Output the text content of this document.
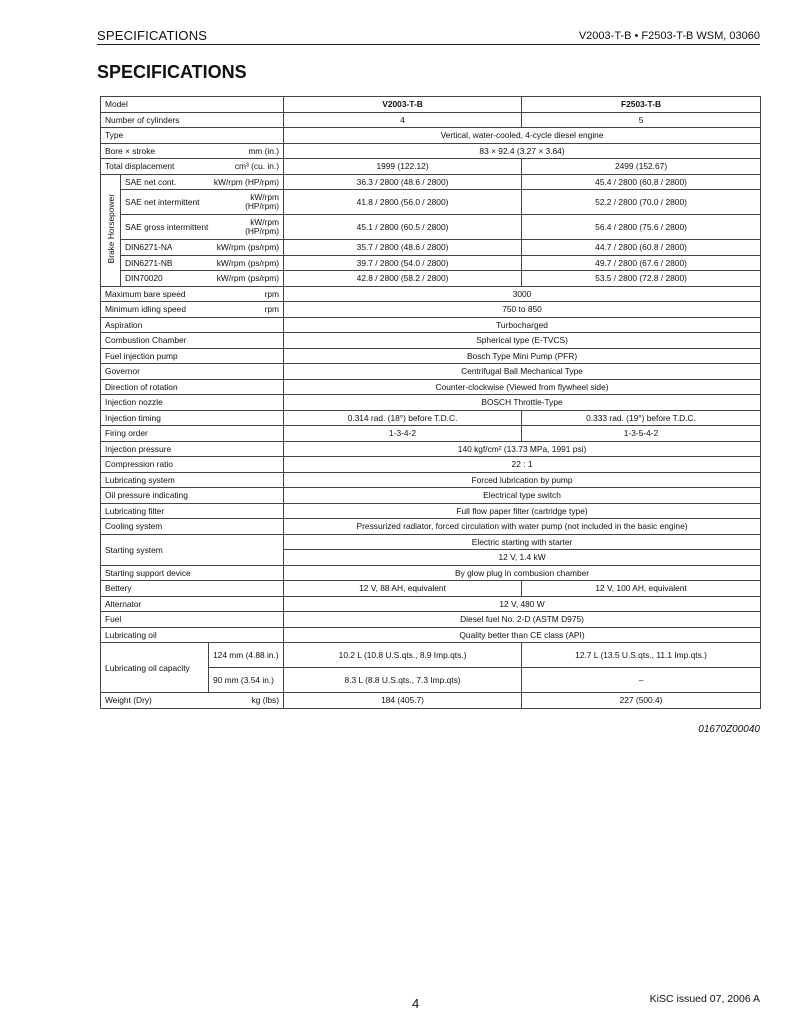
SPECIFICATIONS	V2003-T-B • F2503-T-B WSM, 03060
SPECIFICATIONS
Model			V2003-T-B	F2503-T-B
Number of cylinders			4	5
Type			Vertical, water-cooled, 4-cycle diesel engine	

Bore × stroke mm (in.)			83 × 92.4 (3.27 × 3.64)	

Total displacement cm³ (cu. in.)			1999 (122.12)	2499 (152.67)
Brake Horsepower	SAE net cont. kW/rpm (HP/rpm)		36.3 / 2800 (48.6 / 2800)	45.4 / 2800 (60.8 / 2800)

	SAE net intermittent kW/rpm (HP/rpm)		41.8 / 2800 (56.0 / 2800)	52.2 / 2800 (70.0 / 2800)

	SAE gross intermittent kW/rpm (HP/rpm)		45.1 / 2800 (60.5 / 2800)	56.4 / 2800 (75.6 / 2800)

	DIN6271-NA kW/rpm (ps/rpm)		35.7 / 2800 (48.6 / 2800)	44.7 / 2800 (60.8 / 2800)

	DIN6271-NB kW/rpm (ps/rpm)		39.7 / 2800 (54.0 / 2800)	49.7 / 2800 (67.6 / 2800)

	DIN70020 kW/rpm (ps/rpm)		42.8 / 2800 (58.2 / 2800)	53.5 / 2800 (72.8 / 2800)

Maximum bare speed rpm			3000	

Minimum idling speed rpm			750 to 850	
Aspiration			Turbocharged	
Combustion Chamber			Spherical type (E-TVCS)	
Fuel injection pump			Bosch Type Mini Pump (PFR)	
Governor			Centrifugal Ball Mechanical Type	
Direction of rotation			Counter-clockwise (Viewed from flywheel side)	
Injection nozzle			BOSCH Throttle-Type	
Injection timing			0.314 rad. (18°) before T.D.C.	0.333 rad. (19°) before T.D.C.
Firing order			1-3-4-2	1-3-5-4-2
Injection pressure			140 kgf/cm² (13.73 MPa, 1991 psi)	
Compression ratio			22 : 1	
Lubricating system			Forced lubrication by pump	
Oil pressure indicating			Electrical type switch	
Lubricating filter			Full flow paper filter (cartridge type)	
Cooling system			Pressurized radiator, forced circulation with water pump (not included in the basic engine)	
Starting system			Electric starting with starter	
			12 V, 1.4 kW	
Starting support device			By glow plug in combusion chamber	
Bettery			12 V, 88 AH, equivalent	12 V, 100 AH, equivalent
Alternator			12 V, 480 W	
Fuel			Diesel fuel No. 2-D (ASTM D975)	
Lubricating oil			Quality better than CE class (API)	
Lubricating oil capacity		124 mm (4.88 in.)	10.2 L (10.8 U.S.qts., 8.9 Imp.qts.)	12.7 L (13.5 U.S.qts., 11.1 Imp.qts.)
		90 mm (3.54 in.)	8.3 L (8.8 U.S.qts., 7.3 Imp.qts)	–

Weight (Dry) kg (lbs)			184 (405.7)	227 (500.4)
01670Z00040
4	KiSC issued 07, 2006 A
